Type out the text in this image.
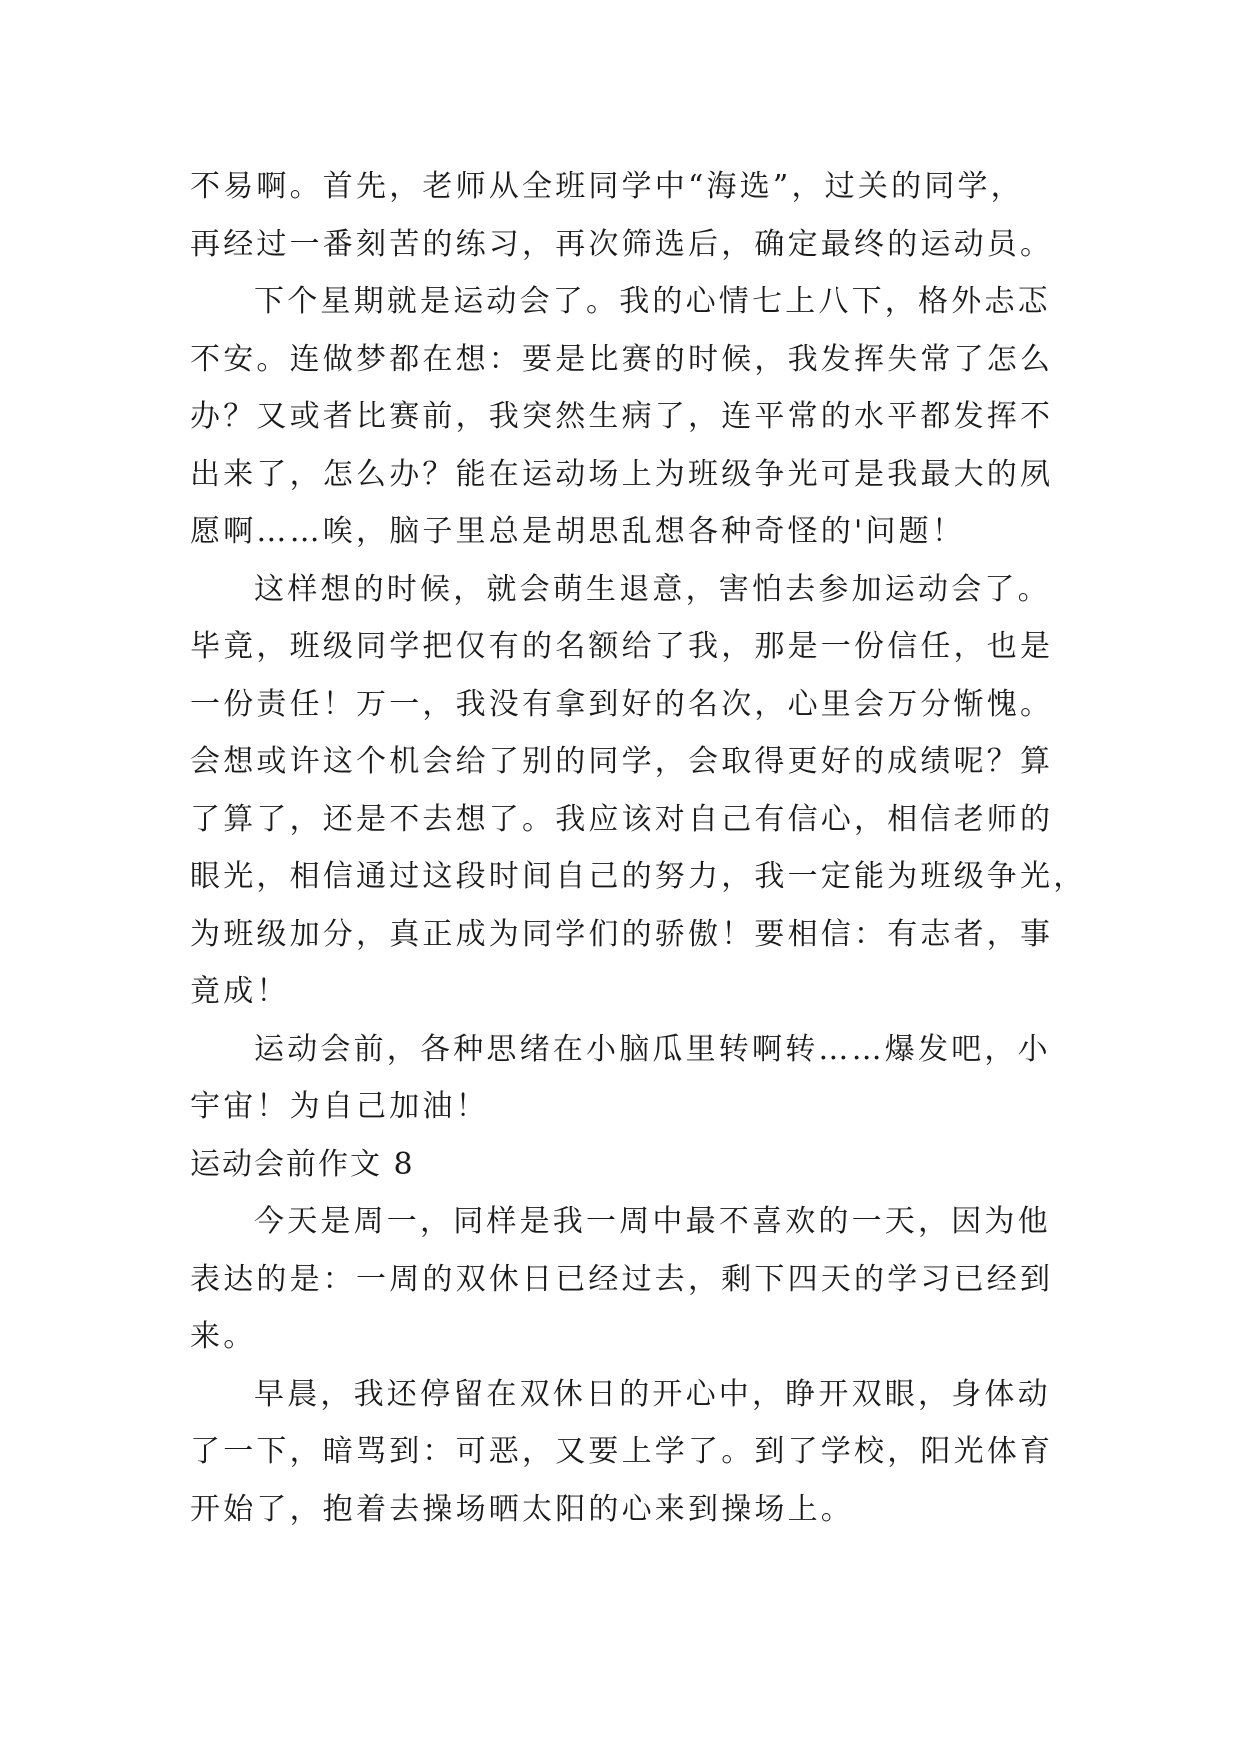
不易啊。首先，老师从全班同学中“海选”，过关的同学，
再经过一番刻苦的练习，再次筛选后，确定最终的运动员。
下个星期就是运动会了。我的心情七上八下，格外忐忑
不安。连做梦都在想：要是比赛的时候，我发挥失常了怎么
办？又或者比赛前，我突然生病了，连平常的水平都发挥不
出来了，怎么办？能在运动场上为班级争光可是我最大的夙
愿啊……唉，脑子里总是胡思乱想各种奇怪的'问题！
这样想的时候，就会萌生退意，害怕去参加运动会了。
毕竟，班级同学把仅有的名额给了我，那是一份信任，也是
一份责任！万一，我没有拿到好的名次，心里会万分惭愧。
会想或许这个机会给了别的同学，会取得更好的成绩呢？算
了算了，还是不去想了。我应该对自己有信心，相信老师的
眼光，相信通过这段时间自己的努力，我一定能为班级争光，
为班级加分，真正成为同学们的骄傲！要相信：有志者，事
竟成！
运动会前，各种思绪在小脑瓜里转啊转……爆发吧，小
宇宙！为自己加油！
运动会前作文 8
今天是周一，同样是我一周中最不喜欢的一天，因为他
表达的是：一周的双休日已经过去，剩下四天的学习已经到
来。
早晨，我还停留在双休日的开心中，睁开双眼，身体动
了一下，暗骂到：可恶，又要上学了。到了学校，阳光体育
开始了，抱着去操场晒太阳的心来到操场上。
